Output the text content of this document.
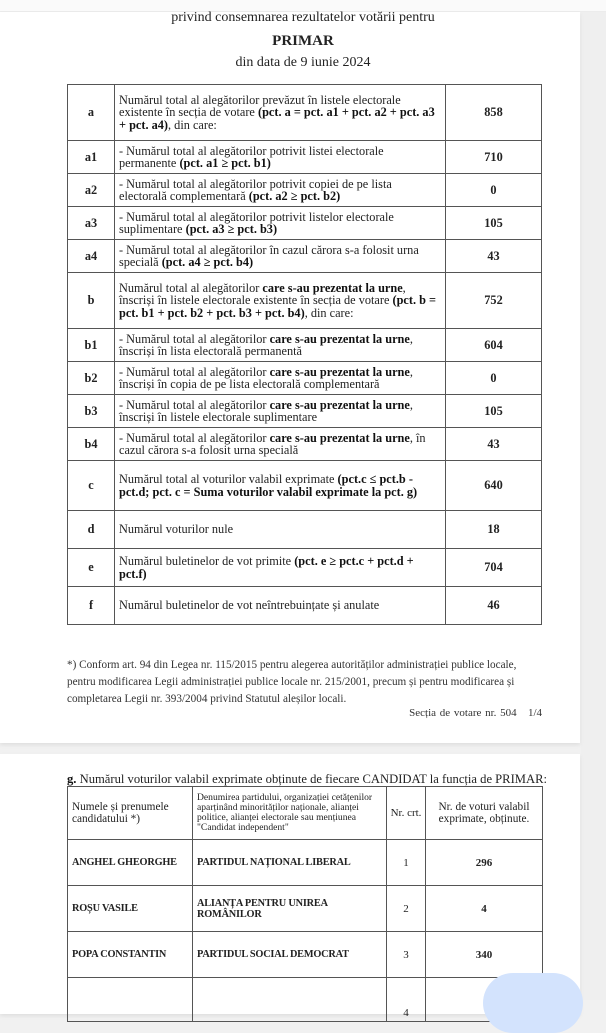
privind consemnarea rezultatelor votării pentru
PRIMAR
din data de 9 iunie 2024
a	Numărul total al alegătorilor prevăzut în listele electorale existente în secția de votare (pct. a = pct. a1 + pct. a2 + pct. a3 + pct. a4), din care:	858
a1	- Numărul total al alegătorilor potrivit listei electorale permanente (pct. a1 ≥ pct. b1)	710
a2	- Numărul total al alegătorilor potrivit copiei de pe lista electorală complementară (pct. a2 ≥ pct. b2)	0
a3	- Numărul total al alegătorilor potrivit listelor electorale suplimentare (pct. a3 ≥ pct. b3)	105
a4	- Numărul total al alegătorilor în cazul cărora s-a folosit urna specială (pct. a4 ≥ pct. b4)	43
b	Numărul total al alegătorilor care s-au prezentat la urne, înscriși în listele electorale existente în secția de votare (pct. b = pct. b1 + pct. b2 + pct. b3 + pct. b4), din care:	752
b1	- Numărul total al alegătorilor care s-au prezentat la urne, înscriși în lista electorală permanentă	604
b2	- Numărul total al alegătorilor care s-au prezentat la urne, înscriși în copia de pe lista electorală complementară	0
b3	- Numărul total al alegătorilor care s-au prezentat la urne, înscriși în listele electorale suplimentare	105
b4	- Numărul total al alegătorilor care s-au prezentat la urne, în cazul cărora s-a folosit urna specială	43
c	Numărul total al voturilor valabil exprimate (pct.c ≤ pct.b - pct.d; pct. c = Suma voturilor valabil exprimate la pct. g)	640
d	Numărul voturilor nule	18
e	Numărul buletinelor de vot primite (pct. e ≥ pct.c + pct.d + pct.f)	704
f	Numărul buletinelor de vot neîntrebuințate și anulate	46
*) Conform art. 94 din Legea nr. 115/2015 pentru alegerea autorităților administrației publice locale, pentru modificarea Legii administrației publice locale nr. 215/2001, precum și pentru modificarea și completarea Legii nr. 393/2004 privind Statutul aleșilor locali.
Secția de votare nr. 504 1/4
g. Numărul voturilor valabil exprimate obținute de fiecare CANDIDAT la funcția de PRIMAR:
Numele și prenumele candidatului *)	Denumirea partidului, organizației cetățenilor aparținând minorităților naționale, alianței politice, alianței electorale sau mențiunea "Candidat independent"	Nr. crt.	Nr. de voturi valabil exprimate, obținute.
ANGHEL GHEORGHE	PARTIDUL NAȚIONAL LIBERAL	1	296
ROȘU VASILE	ALIANȚA PENTRU UNIREA ROMÂNILOR	2	4
POPA CONSTANTIN	PARTIDUL SOCIAL DEMOCRAT	3	340
		4	
